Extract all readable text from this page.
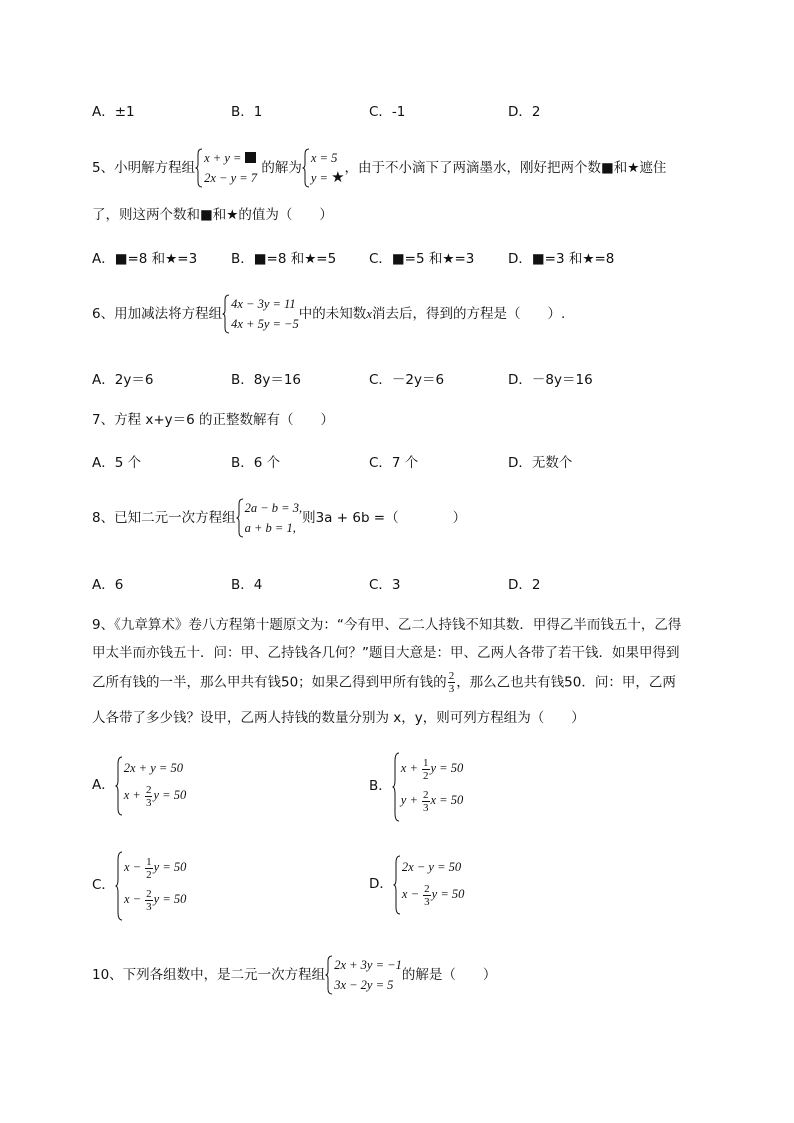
A．±1	B．1	C．-1	D．2
5、小明解方程组
x + y =
2x − y = 7
的解为
x = 5
y = ★
，由于不小滴下了两滴墨水，刚好把两个数■和★遮住
了，则这两个数和■和★的值为（　　）
A．■=8 和★=3	B．■=8 和★=5 C．■=5 和★=3 D．■=3 和★=8
6、用加减法将方程组
4x − 3y = 11
4x + 5y = −5
中的未知数x消去后，得到的方程是（　　）.
A．2y＝6	B．8y＝16	C．－2y＝6	D．－8y＝16
7、方程 x+y＝6 的正整数解有（　　）
A．5 个	B．6 个	C．7 个	D．无数个
8、已知二元一次方程组
2a − b = 3,
a + b = 1,
则3a + 6b =（　　　　）
A．6	B．4	C．3	D．2
9、《九章算术》卷八方程第十题原文为：“今有甲、乙二人持钱不知其数．甲得乙半而钱五十，乙得
甲太半而亦钱五十．问：甲、乙持钱各几何？”题目大意是：甲、乙两人各带了若干钱．如果甲得到
乙所有钱的一半，那么甲共有钱50；如果乙得到甲所有钱的 $\frac{2}{3}$ ，那么乙也共有钱50．问：甲，乙两
人各带了多少钱？设甲，乙两人持钱的数量分别为 x，y，则可列方程组为（　　）
A．
2x + y = 50
$x + \frac{2}{3}$ y = 50
B．
$x + \frac{1}{2}$ y = 50
$y + \frac{2}{3}$ x = 50
C．
$x - \frac{1}{2}$ y = 50
$x - \frac{2}{3}$ y = 50
D．
2x − y = 50
$x - \frac{2}{3}$ y = 50
10、下列各组数中，是二元一次方程组
2x + 3y = −1
3x − 2y = 5
的解是（　　）
